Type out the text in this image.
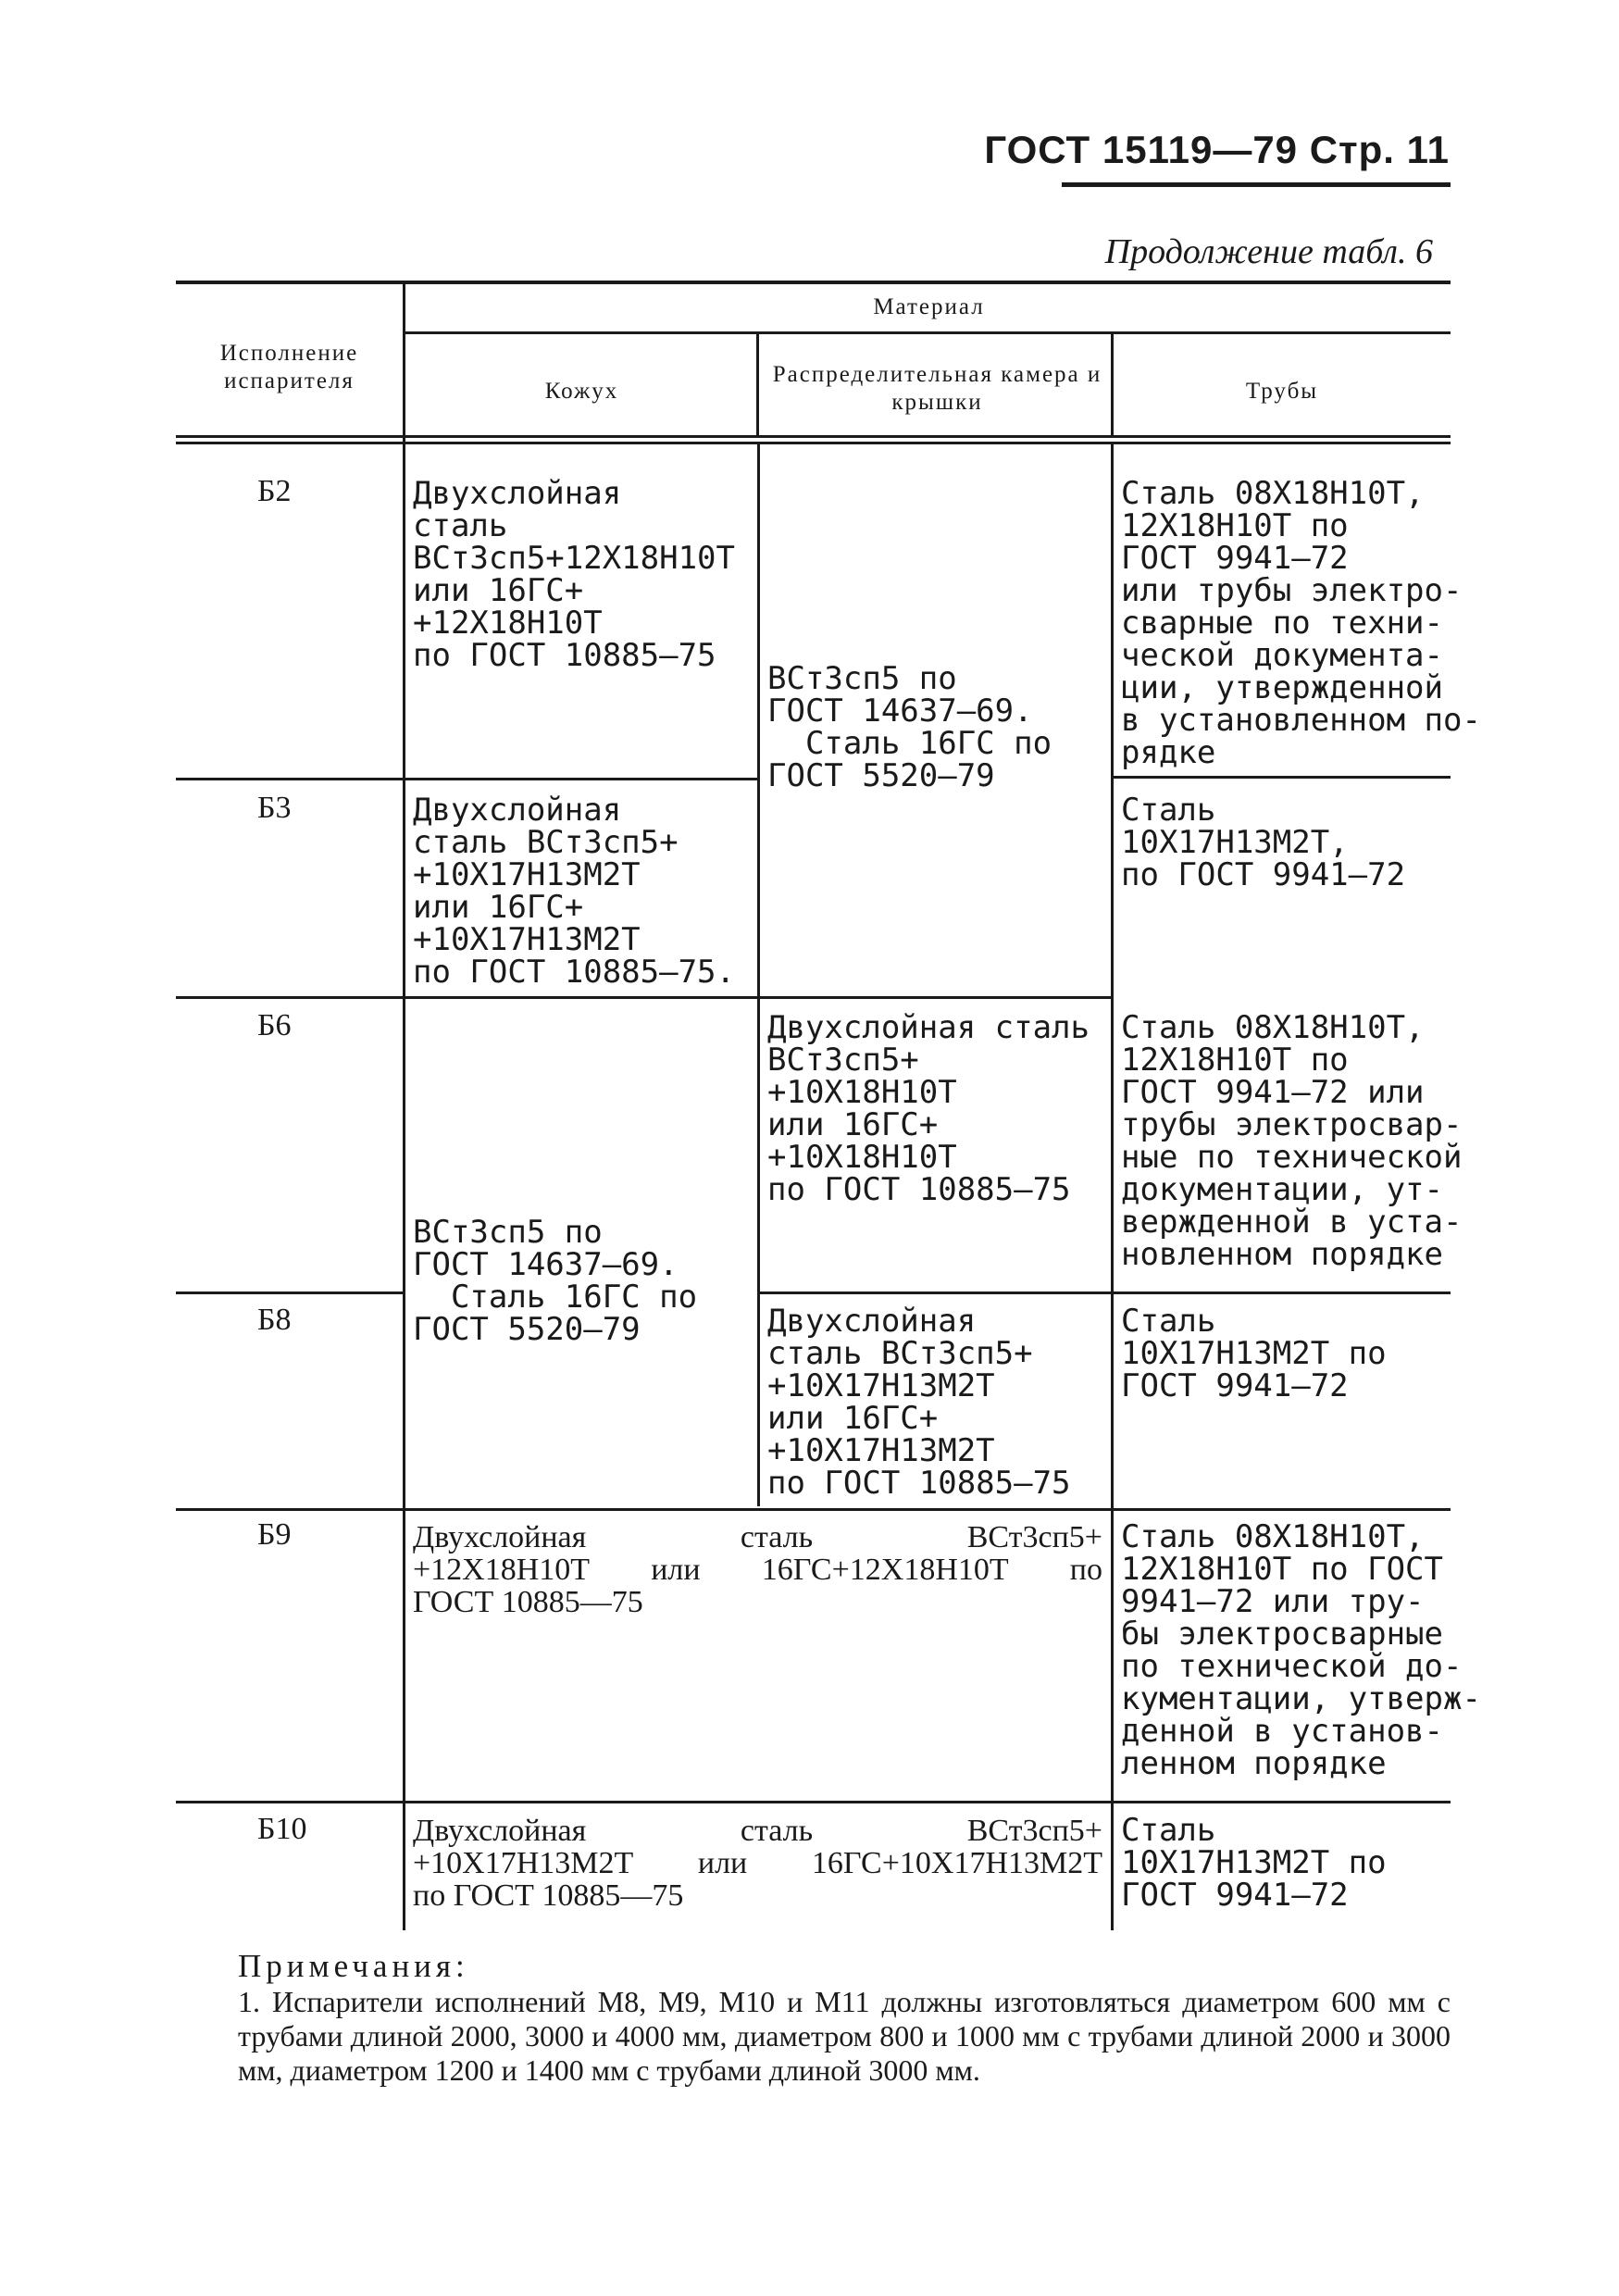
ГОСТ 15119—79 Стр. 11
Продолжение табл. 6
Исполнение испарителя
Материал
Кожух
Распределительная камера и крышки	Трубы
Б2
Б3
Б6
Б8
Б9
Б10
Двухслойная
сталь
ВСт3сп5+12Х18Н10Т
или 16ГС+
+12Х18Н10Т
по ГОСТ 10885—75
Двухслойная
сталь ВСт3сп5+
+10Х17Н13М2Т
или 16ГС+
+10Х17Н13М2Т
по ГОСТ 10885—75.
ВСт3сп5 по
ГОСТ 14637—69.
Сталь 16ГС по
ГОСТ 5520—79
ВСт3сп5 по
ГОСТ 14637—69.
Сталь 16ГС по
ГОСТ 5520—79
Двухслойная сталь
ВСт3сп5+
+10Х18Н10Т
или 16ГС+
+10Х18Н10Т
по ГОСТ 10885—75
Двухслойная
сталь ВСт3сп5+
+10Х17Н13М2Т
или 16ГС+
+10Х17Н13М2Т
по ГОСТ 10885—75
Сталь 08Х18Н10Т,
12Х18Н10Т по
ГОСТ 9941—72
или трубы электро-
сварные по техни-
ческой документа-
ции, утвержденной
в установленном по-
рядке
Сталь
10Х17Н13М2Т,
по ГОСТ 9941—72
Сталь 08Х18Н10Т,
12Х18Н10Т по
ГОСТ 9941—72 или
трубы электросвар-
ные по технической
документации, ут-
вержденной в уста-
новленном порядке
Сталь
10Х17Н13М2Т по
ГОСТ 9941—72
Сталь 08Х18Н10Т,
12Х18Н10Т по ГОСТ
9941—72 или тру-
бы электросварные
по технической до-
кументации, утверж-
денной в установ-
ленном порядке
Сталь
10Х17Н13М2Т по
ГОСТ 9941—72
Двухслойная сталь ВСт3сп5+
+12Х18Н10Т или 16ГС+12Х18Н10Т по
ГОСТ 10885—75
Двухслойная сталь ВСт3сп5+
+10Х17Н13М2Т или 16ГС+10Х17Н13М2Т
по ГОСТ 10885—75
Примечания:
1. Испарители исполнений М8, М9, М10 и М11 должны изготовляться диаметром 600 мм с трубами длиной 2000, 3000 и 4000 мм, диаметром 800 и 1000 мм с трубами длиной 2000 и 3000 мм, диаметром 1200 и 1400 мм с трубами длиной 3000 мм.
